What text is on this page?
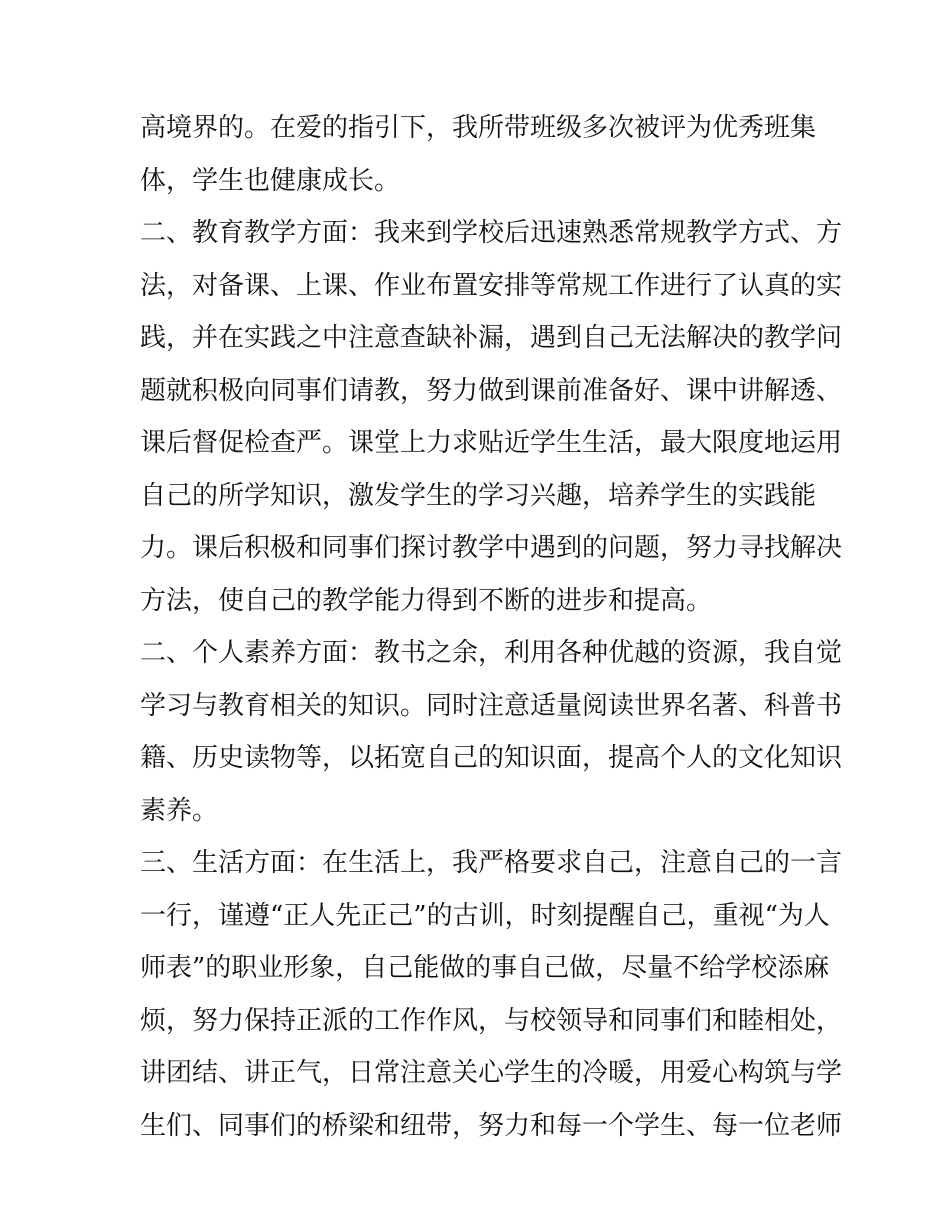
高境界的。在爱的指引下，我所带班级多次被评为优秀班集
体，学生也健康成长。
二、教育教学方面：我来到学校后迅速熟悉常规教学方式、方
法，对备课、上课、作业布置安排等常规工作进行了认真的实
践，并在实践之中注意查缺补漏，遇到自己无法解决的教学问
题就积极向同事们请教，努力做到课前准备好、课中讲解透、
课后督促检查严。课堂上力求贴近学生生活，最大限度地运用
自己的所学知识，激发学生的学习兴趣，培养学生的实践能
力。课后积极和同事们探讨教学中遇到的问题，努力寻找解决
方法，使自己的教学能力得到不断的进步和提高。
二、个人素养方面：教书之余，利用各种优越的资源，我自觉
学习与教育相关的知识。同时注意适量阅读世界名著、科普书
籍、历史读物等，以拓宽自己的知识面，提高个人的文化知识
素养。
三、生活方面：在生活上，我严格要求自己，注意自己的一言
一行，谨遵“正人先正己”的古训，时刻提醒自己，重视“为人
师表”的职业形象，自己能做的事自己做，尽量不给学校添麻
烦，努力保持正派的工作作风，与校领导和同事们和睦相处，
讲团结、讲正气，日常注意关心学生的冷暖，用爱心构筑与学
生们、同事们的桥梁和纽带，努力和每一个学生、每一位老师
